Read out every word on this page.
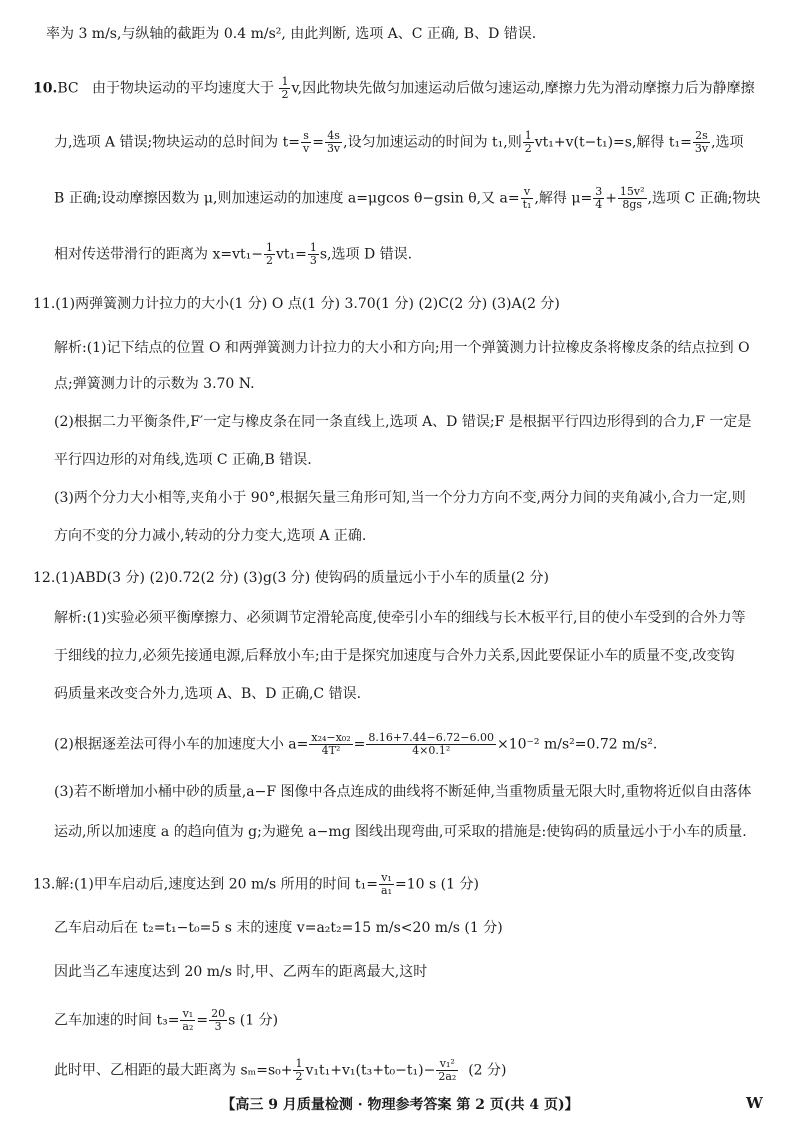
率为 3 m/s,与纵轴的截距为 0.4 m/s², 由此判断, 选项 A、C 正确, B、D 错误.
10.BC 由于物块运动的平均速度大于 $\frac{1}{2} v$,因此物块先做匀加速运动后做匀速运动,摩擦力先为滑动摩擦力后为静摩擦
力,选项 A 错误;物块运动的总时间为 $t= \frac{s}{v} = \frac{4s}{3v}$ ,设匀加速运动的时间为 t₁,则 $\frac{1}{2} vt_1+v(t-t_1)=s$,解得 $t_1= \frac{2s}{3v}$ ,选项
B 正确;设动摩擦因数为 μ,则加速运动的加速度 a=μgcos θ−gsin θ,又 $a= \frac{v}{\text{t₁}}$ ,解得 $\mu= \frac{3}{4} + \frac{\text{15v²}}{8gs}$ ,选项 C 正确;物块
相对传送带滑行的距离为 $x=vt_1- \frac{1}{2} vt_1= \frac{1}{3} s$,选项 D 错误.
11.(1)两弹簧测力计拉力的大小(1 分) O 点(1 分) 3.70(1 分) (2)C(2 分) (3)A(2 分)
解析:(1)记下结点的位置 O 和两弹簧测力计拉力的大小和方向;用一个弹簧测力计拉橡皮条将橡皮条的结点拉到 O
点;弹簧测力计的示数为 3.70 N.
(2)根据二力平衡条件,F′一定与橡皮条在同一条直线上,选项 A、D 错误;F 是根据平行四边形得到的合力,F 一定是
平行四边形的对角线,选项 C 正确,B 错误.
(3)两个分力大小相等,夹角小于 90°,根据矢量三角形可知,当一个分力方向不变,两分力间的夹角减小,合力一定,则
方向不变的分力减小,转动的分力变大,选项 A 正确.
12.(1)ABD(3 分) (2)0.72(2 分) (3)g(3 分) 使钩码的质量远小于小车的质量(2 分)
解析:(1)实验必须平衡摩擦力、必须调节定滑轮高度,使牵引小车的细线与长木板平行,目的使小车受到的合外力等
于细线的拉力,必须先接通电源,后释放小车;由于是探究加速度与合外力关系,因此要保证小车的质量不变,改变钩
码质量来改变合外力,选项 A、B、D 正确,C 错误.
(2)根据逐差法可得小车的加速度大小 $a= \frac{\text{x₂₄−x₀₂}}{\text{4T²}} = \frac{8.16+7.44-6.72-6.00}{\text{4×0.1²}} \times 10^{-2}$ m/s²=0.72 m/s².
(3)若不断增加小桶中砂的质量,a−F 图像中各点连成的曲线将不断延伸,当重物质量无限大时,重物将近似自由落体
运动,所以加速度 a 的趋向值为 g;为避免 a−mg 图线出现弯曲,可采取的措施是:使钩码的质量远小于小车的质量.
13.解:(1)甲车启动后,速度达到 20 m/s 所用的时间 $t_1= \frac{\text{v₁}}{\text{a₁}} =10$ s (1 分)
乙车启动后在 t₂=t₁−t₀=5 s 末的速度 v=a₂t₂=15 m/s<20 m/s (1 分)
因此当乙车速度达到 20 m/s 时,甲、乙两车的距离最大,这时
乙车加速的时间 $t_3= \frac{\text{v₁}}{\text{a₂}} = \frac{20}{3}$ s (1 分)
此时甲、乙相距的最大距离为 $s_m=s_0+ \frac{1}{2} v_1t_1+v_1(t_3+t_0-t_1)- \frac{\text{v₁²}}{\text{2a₂}} (2$ 分)
【高三 9 月质量检测 · 物理参考答案 第 2 页(共 4 页)】	W
